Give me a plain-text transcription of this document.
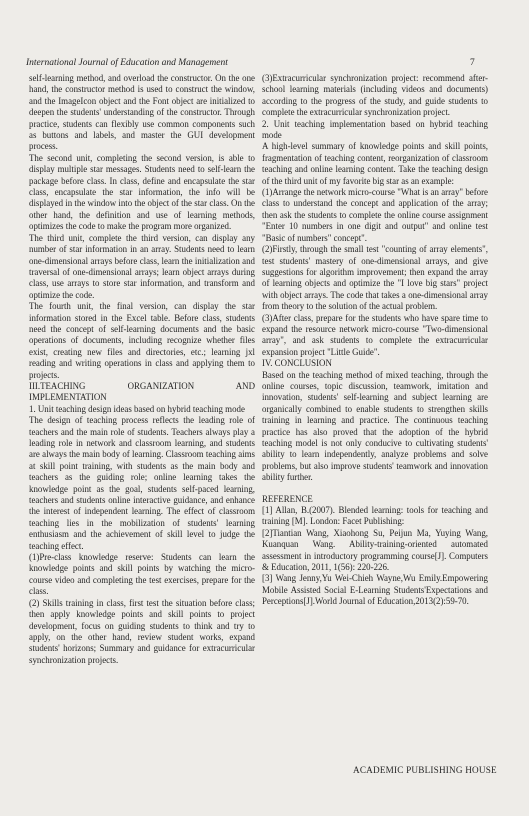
International Journal of Education and Management	7

self-learning method, and overload the constructor. On the one hand, the constructor method is used to construct the window, and the ImageIcon object and the Font object are initialized to deepen the students' understanding of the constructor. Through practice, students can flexibly use common components such as buttons and labels, and master the GUI development process.

The second unit, completing the second version, is able to display multiple star messages. Students need to self-learn the package before class. In class, define and encapsulate the star class, encapsulate the star information, the info will be displayed in the window into the object of the star class. On the other hand, the definition and use of learning methods, optimizes the code to make the program more organized.

The third unit, complete the third version, can display any number of star information in an array. Students need to learn one-dimensional arrays before class, learn the initialization and traversal of one-dimensional arrays; learn object arrays during class, use arrays to store star information, and transform and optimize the code.

The fourth unit, the final version, can display the star information stored in the Excel table. Before class, students need the concept of self-learning documents and the basic operations of documents, including recognize whether files exist, creating new files and directories, etc.; learning jxl reading and writing operations in class and applying them to projects.

III.TEACHING ORGANIZATION AND IMPLEMENTATION

1. Unit teaching design ideas based on hybrid teaching mode

The design of teaching process reflects the leading role of teachers and the main role of students. Teachers always play a leading role in network and classroom learning, and students are always the main body of learning. Classroom teaching aims at skill point training, with students as the main body and teachers as the guiding role; online learning takes the knowledge point as the goal, students self-paced learning, teachers and students online interactive guidance, and enhance the interest of independent learning. The effect of classroom teaching lies in the mobilization of students' learning enthusiasm and the achievement of skill level to judge the teaching effect.

(1)Pre-class knowledge reserve: Students can learn the knowledge points and skill points by watching the micro-course video and completing the test exercises, prepare for the class.

(2) Skills training in class, first test the situation before class; then apply knowledge points and skill points to project development, focus on guiding students to think and try to apply, on the other hand, review student works, expand students' horizons; Summary and guidance for extracurricular synchronization projects.

(3)Extracurricular synchronization project: recommend after-school learning materials (including videos and documents) according to the progress of the study, and guide students to complete the extracurricular synchronization project.

2. Unit teaching implementation based on hybrid teaching mode

A high-level summary of knowledge points and skill points, fragmentation of teaching content, reorganization of classroom teaching and online learning content. Take the teaching design of the third unit of my favorite big star as an example:

(1)Arrange the network micro-course "What is an array" before class to understand the concept and application of the array; then ask the students to complete the online course assignment "Enter 10 numbers in one digit and output" and online test "Basic of numbers" concept".

(2)Firstly, through the small test "counting of array elements", test students' mastery of one-dimensional arrays, and give suggestions for algorithm improvement; then expand the array of learning objects and optimize the "I love big stars" project with object arrays. The code that takes a one-dimensional array from theory to the solution of the actual problem.

(3)After class, prepare for the students who have spare time to expand the resource network micro-course "Two-dimensional array", and ask students to complete the extracurricular expansion project "Little Guide".

IV. CONCLUSION

Based on the teaching method of mixed teaching, through the online courses, topic discussion, teamwork, imitation and innovation, students' self-learning and subject learning are organically combined to enable students to strengthen skills training in learning and practice. The continuous teaching practice has also proved that the adoption of the hybrid teaching model is not only conducive to cultivating students' ability to learn independently, analyze problems and solve problems, but also improve students' teamwork and innovation ability further.

REFERENCE

[1] Allan, B.(2007). Blended learning: tools for teaching and training [M]. London: Facet Publishing:

[2]Tiantian Wang, Xiaohong Su, Peijun Ma, Yuying Wang, Kuanquan Wang. Ability-training-oriented automated assessment in introductory programming course[J]. Computers & Education, 2011, 1(56): 220-226.

[3] Wang Jenny,Yu Wei-Chieh Wayne,Wu Emily.Empowering Mobile Assisted Social E-Learning Students'Expectations and Perceptions[J].World Journal of Education,2013(2):59-70.

ACADEMIC PUBLISHING HOUSE
